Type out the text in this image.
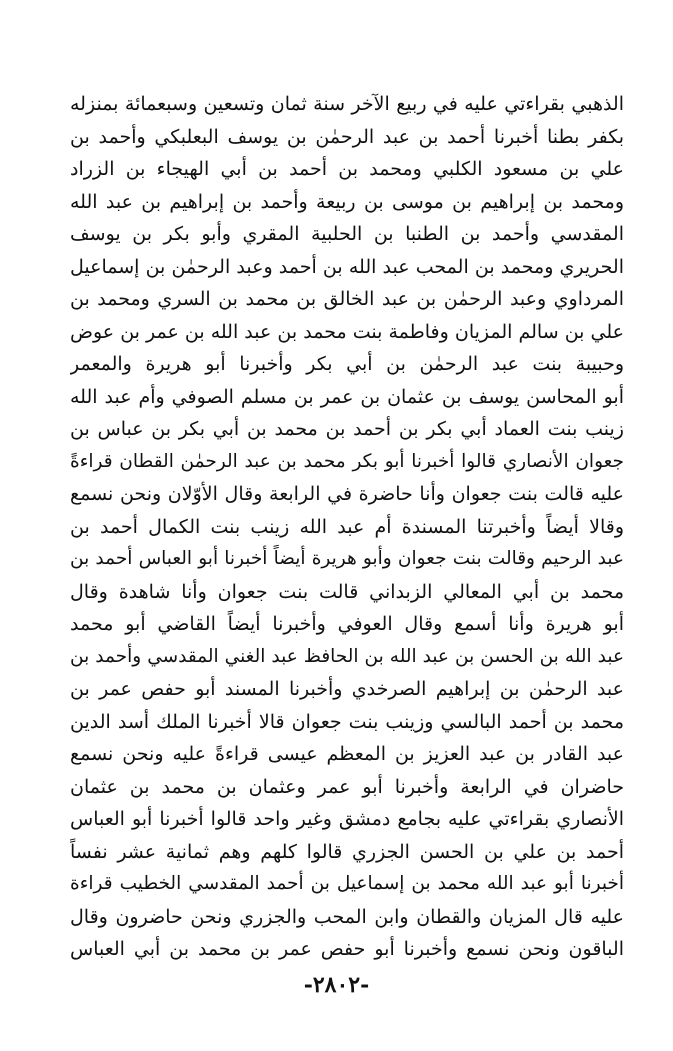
الذهبي بقراءتي عليه في ربيع الآخر سنة ثمان وتسعين وسبعمائة بمنزله
بكفر بطنا أخبرنا أحمد بن عبد الرحمٰن بن يوسف البعلبكي وأحمد بن
علي بن مسعود الكلبي ومحمد بن أحمد بن أبي الهيجاء بن الزراد
ومحمد بن إبراهيم بن موسى بن ربيعة وأحمد بن إبراهيم بن عبد الله
المقدسي وأحمد بن الطنبا بن الحلبية المقري وأبو بكر بن يوسف
الحريري ومحمد بن المحب عبد الله بن أحمد وعبد الرحمٰن بن إسماعيل
المرداوي وعبد الرحمٰن بن عبد الخالق بن محمد بن السري ومحمد بن
علي بن سالم المزيان وفاطمة بنت محمد بن عبد الله بن عمر بن عوض
وحبيبة بنت عبد الرحمٰن بن أبي بكر وأخبرنا أبو هريرة والمعمر
أبو المحاسن يوسف بن عثمان بن عمر بن مسلم الصوفي وأم عبد الله
زينب بنت العماد أبي بكر بن أحمد بن محمد بن أبي بكر بن عباس بن
جعوان الأنصاري قالوا أخبرنا أبو بكر محمد بن عبد الرحمٰن القطان قراءةً
عليه قالت بنت جعوان وأنا حاضرة في الرابعة وقال الأوّلان ونحن نسمع
وقالا أيضاً وأخبرتنا المسندة أم عبد الله زينب بنت الكمال أحمد بن
عبد الرحيم وقالت بنت جعوان وأبو هريرة أيضاً أخبرنا أبو العباس أحمد بن
محمد بن أبي المعالي الزبداني قالت بنت جعوان وأنا شاهدة وقال
أبو هريرة وأنا أسمع وقال العوفي وأخبرنا أيضاً القاضي أبو محمد
عبد الله بن الحسن بن عبد الله بن الحافظ عبد الغني المقدسي وأحمد بن
عبد الرحمٰن بن إبراهيم الصرخدي وأخبرنا المسند أبو حفص عمر بن
محمد بن أحمد البالسي وزينب بنت جعوان قالا أخبرنا الملك أسد الدين
عبد القادر بن عبد العزيز بن المعظم عيسى قراءةً عليه ونحن نسمع
حاضران في الرابعة وأخبرنا أبو عمر وعثمان بن محمد بن عثمان
الأنصاري بقراءتي عليه بجامع دمشق وغير واحد قالوا أخبرنا أبو العباس
أحمد بن علي بن الحسن الجزري قالوا كلهم وهم ثمانية عشر نفساً
أخبرنا أبو عبد الله محمد بن إسماعيل بن أحمد المقدسي الخطيب قراءة
عليه قال المزيان والقطان وابن المحب والجزري ونحن حاضرون وقال
الباقون ونحن نسمع وأخبرنا أبو حفص عمر بن محمد بن أبي العباس
-٢٨٠٢-
